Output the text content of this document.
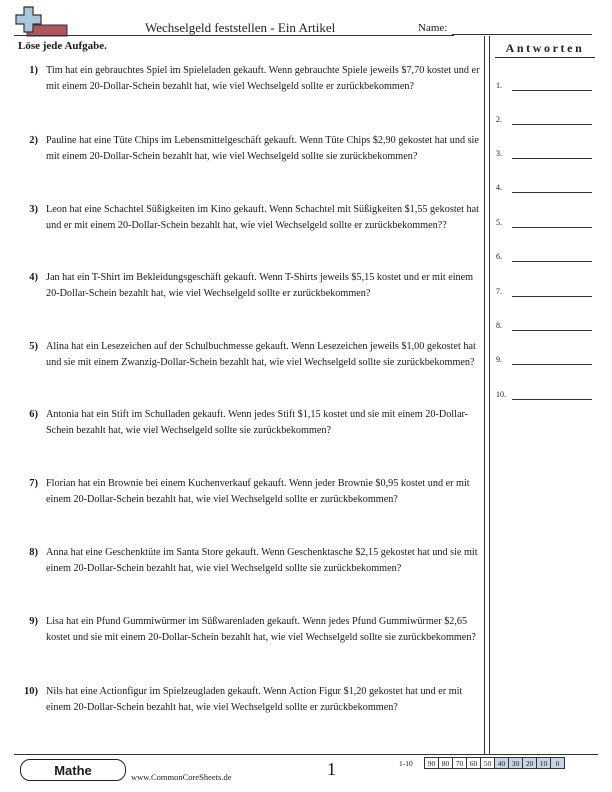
Wechselgeld feststellen - Ein Artikel	Name:
Löse jede Aufgabe.	Antworten
1.
2.
3.
4.
5.
6.
7.
8.
9.
10.
1) Tim hat ein gebrauchtes Spiel im Spieleladen gekauft. Wenn gebrauchte Spiele jeweils $7,70 kostet und er mit einem 20-Dollar-Schein bezahlt hat, wie viel Wechselgeld sollte er zurückbekommen?
2) Pauline hat eine Tüte Chips im Lebensmittelgeschäft gekauft. Wenn Tüte Chips $2,90 gekostet hat und sie mit einem 20-Dollar-Schein bezahlt hat, wie viel Wechselgeld sollte sie zurückbekommen?
3) Leon hat eine Schachtel Süßigkeiten im Kino gekauft. Wenn Schachtel mit Süßigkeiten $1,55 gekostet hat und er mit einem 20-Dollar-Schein bezahlt hat, wie viel Wechselgeld sollte er zurückbekommen??
4) Jan hat ein T-Shirt im Bekleidungsgeschäft gekauft. Wenn T-Shirts jeweils $5,15 kostet und er mit einem 20-Dollar-Schein bezahlt hat, wie viel Wechselgeld sollte er zurückbekommen?
5) Alina hat ein Lesezeichen auf der Schulbuchmesse gekauft. Wenn Lesezeichen jeweils $1,00 gekostet hat und sie mit einem Zwanzig-Dollar-Schein bezahlt hat, wie viel Wechselgeld sollte sie zurückbekommen?
6) Antonia hat ein Stift im Schulladen gekauft. Wenn jedes Stift $1,15 kostet und sie mit einem 20-Dollar-Schein bezahlt hat, wie viel Wechselgeld sollte sie zurückbekommen?
7) Florian hat ein Brownie bei einem Kuchenverkauf gekauft. Wenn jeder Brownie $0,95 kostet und er mit einem 20-Dollar-Schein bezahlt hat, wie viel Wechselgeld sollte er zurückbekommen?
8) Anna hat eine Geschenktüte im Santa Store gekauft. Wenn Geschenktasche $2,15 gekostet hat und sie mit einem 20-Dollar-Schein bezahlt hat, wie viel Wechselgeld sollte sie zurückbekommen?
9) Lisa hat ein Pfund Gummiwürmer im Süßwarenladen gekauft. Wenn jedes Pfund Gummiwürmer $2,65 kostet und sie mit einem 20-Dollar-Schein bezahlt hat, wie viel Wechselgeld sollte sie zurückbekommen?
10) Nils hat eine Actionfigur im Spielzeugladen gekauft. Wenn Action Figur $1,20 gekostet hat und er mit einem 20-Dollar-Schein bezahlt hat, wie viel Wechselgeld sollte er zurückbekommen?
Mathe	www.CommonCoreSheets.de	1	1-10 90	80	70	60	50	40	30	20	10	0
